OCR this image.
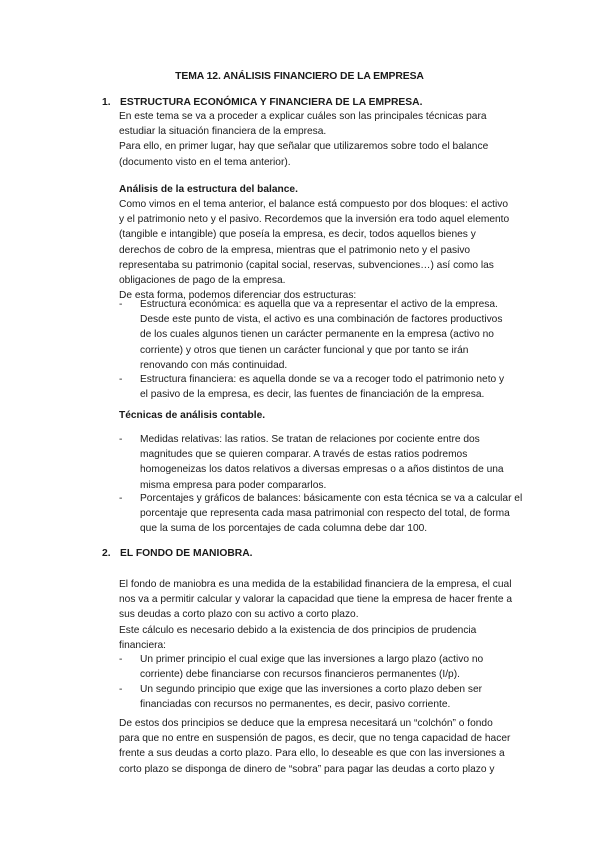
TEMA 12. ANÁLISIS FINANCIERO DE LA EMPRESA
1. ESTRUCTURA ECONÓMICA Y FINANCIERA DE LA EMPRESA.
En este tema se va a proceder a explicar cuáles son las principales técnicas para
estudiar la situación financiera de la empresa.
Para ello, en primer lugar, hay que señalar que utilizaremos sobre todo el balance
(documento visto en el tema anterior).
Análisis de la estructura del balance.
Como vimos en el tema anterior, el balance está compuesto por dos bloques: el activo
y el patrimonio neto y el pasivo. Recordemos que la inversión era todo aquel elemento
(tangible e intangible) que poseía la empresa, es decir, todos aquellos bienes y
derechos de cobro de la empresa, mientras que el patrimonio neto y el pasivo
representaba su patrimonio (capital social, reservas, subvenciones…) así como las
obligaciones de pago de la empresa.
De esta forma, podemos diferenciar dos estructuras:
- Estructura económica: es aquella que va a representar el activo de la empresa.
Desde este punto de vista, el activo es una combinación de factores productivos
de los cuales algunos tienen un carácter permanente en la empresa (activo no
corriente) y otros que tienen un carácter funcional y que por tanto se irán
renovando con más continuidad.
- Estructura financiera: es aquella donde se va a recoger todo el patrimonio neto y
el pasivo de la empresa, es decir, las fuentes de financiación de la empresa.
Técnicas de análisis contable.
- Medidas relativas: las ratios. Se tratan de relaciones por cociente entre dos
magnitudes que se quieren comparar. A través de estas ratios podremos
homogeneizas los datos relativos a diversas empresas o a años distintos de una
misma empresa para poder compararlos.
- Porcentajes y gráficos de balances: básicamente con esta técnica se va a calcular el
porcentaje que representa cada masa patrimonial con respecto del total, de forma
que la suma de los porcentajes de cada columna debe dar 100.
2. EL FONDO DE MANIOBRA.
El fondo de maniobra es una medida de la estabilidad financiera de la empresa, el cual
nos va a permitir calcular y valorar la capacidad que tiene la empresa de hacer frente a
sus deudas a corto plazo con su activo a corto plazo.
Este cálculo es necesario debido a la existencia de dos principios de prudencia
financiera:
- Un primer principio el cual exige que las inversiones a largo plazo (activo no
corriente) debe financiarse con recursos financieros permanentes (I/p).
- Un segundo principio que exige que las inversiones a corto plazo deben ser
financiadas con recursos no permanentes, es decir, pasivo corriente.
De estos dos principios se deduce que la empresa necesitará un “colchón” o fondo
para que no entre en suspensión de pagos, es decir, que no tenga capacidad de hacer
frente a sus deudas a corto plazo. Para ello, lo deseable es que con las inversiones a
corto plazo se disponga de dinero de “sobra” para pagar las deudas a corto plazo y
